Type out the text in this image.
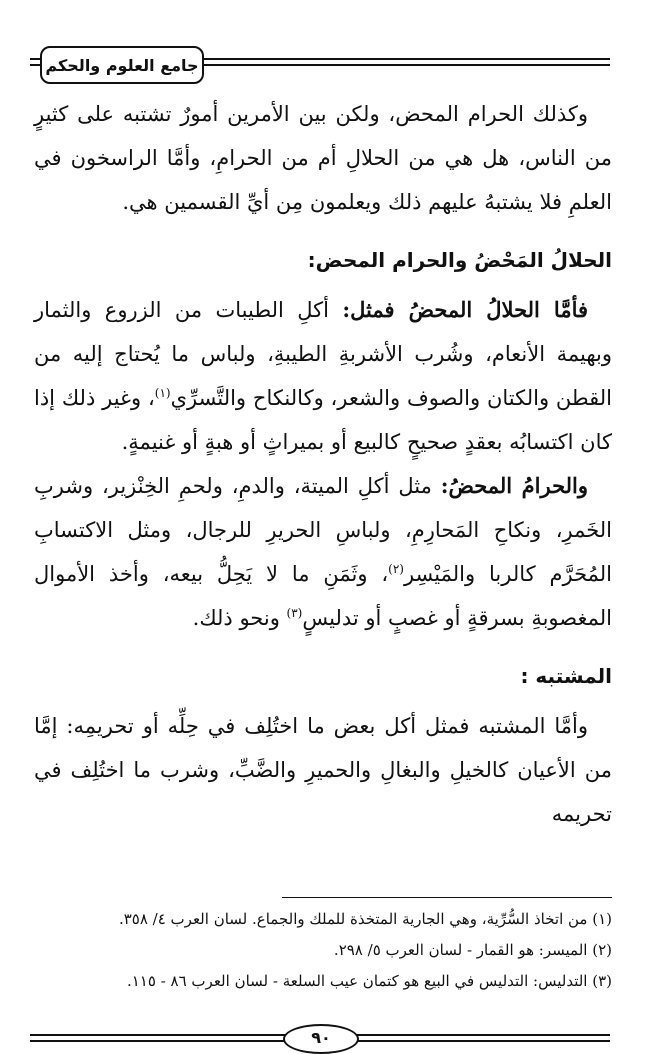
جامع العلوم والحكم

وكذلك الحرام المحض، ولكن بين الأمرين أمورٌ تشتبه على كثيرٍ من الناس، هل هي من الحلالِ أم من الحرامِ، وأمَّا الراسخون في العلمِ فلا يشتبهُ عليهم ذلك ويعلمون مِن أيِّ القسمين هي.

الحلالُ المَحْضُ والحرام المحض:

فأمَّا الحلالُ المحضُ فمثل: أكلِ الطيبات من الزروع والثمار وبهيمة الأنعام، وشُرب الأشربةِ الطيبةِ، ولباس ما يُحتاج إليه من القطن والكتان والصوف والشعر، وكالنكاح والتَّسرِّي$^{(١)}$، وغير ذلك إذا كان اكتسابُه بعقدٍ صحيحٍ كالبيع أو بميراثٍ أو هبةٍ أو غنيمةٍ.

والحرامُ المحضُ: مثل أكلِ الميتة، والدمِ، ولحمِ الخِنْزير، وشربِ الخَمرِ، ونكاحِ المَحارِمِ، ولباسِ الحريرِ للرجال، ومثل الاكتسابِ المُحَرَّم كالربا والمَيْسِر$^{(٢)}$، وثَمَنِ ما لا يَحِلُّ بيعه، وأخذ الأموال المغصوبةِ بسرقةٍ أو غصبٍ أو تدليسٍ$^{(٣)}$ ونحو ذلك.

المشتبه :

وأمَّا المشتبه فمثل أكل بعض ما اختُلِف في حِلِّه أو تحريمِه: إمَّا من الأعيان كالخيلِ والبغالِ والحميرِ والضَّبِّ، وشرب ما اختُلِف في تحريمه

(١) من اتخاذ السُّرِّية، وهي الجارية المتخذة للملك والجماع. لسان العرب ٤/ ٣٥٨.
(٢) الميسر: هو القمار - لسان العرب ٥/ ٢٩٨.
(٣) التدليس: التدليس في البيع هو كتمان عيب السلعة - لسان العرب ٨٦ - ١١٥.
٩٠
